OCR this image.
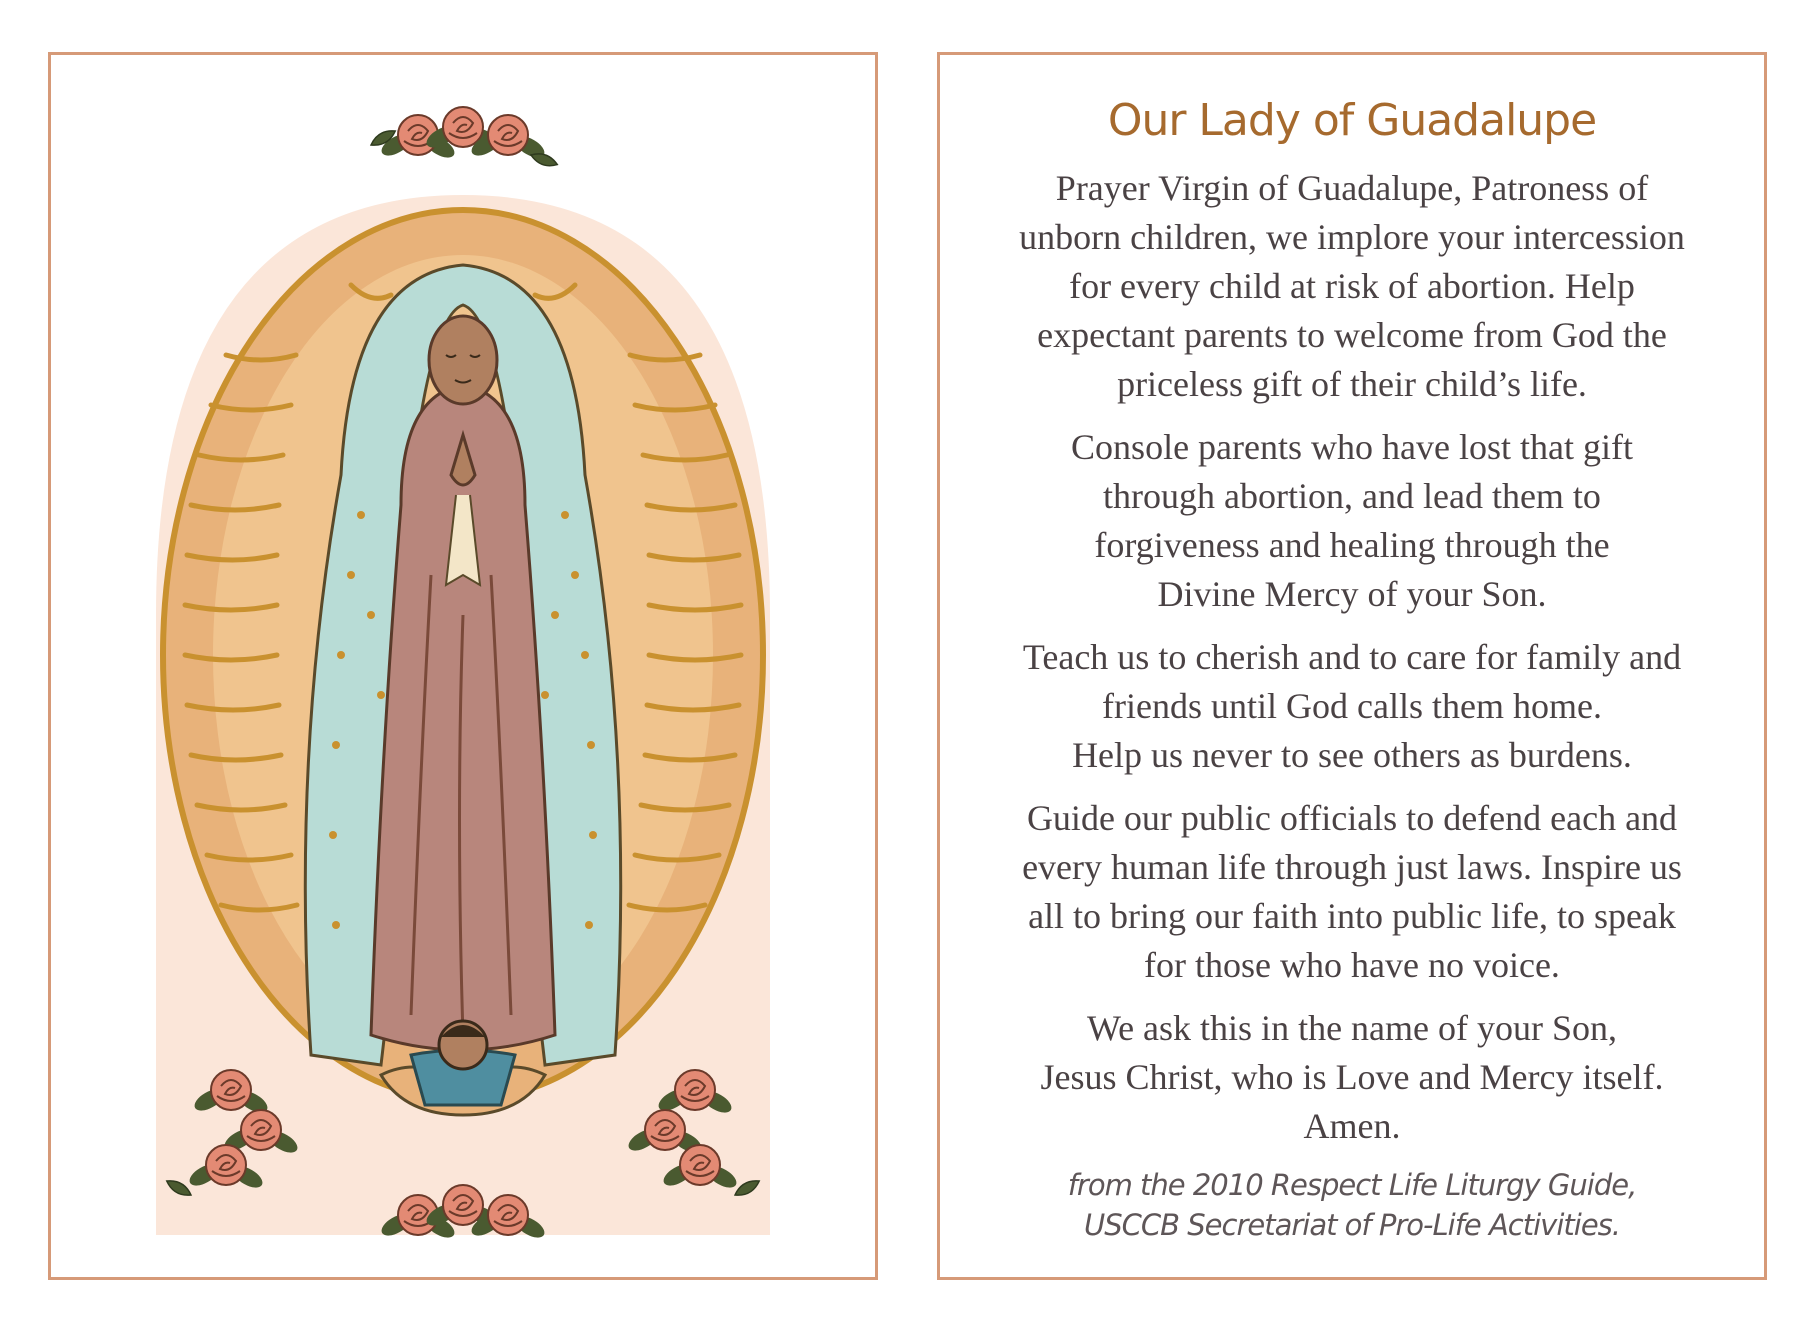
Our Lady of Guadalupe

Prayer Virgin of Guadalupe, Patroness of
unborn children, we implore your intercession
for every child at risk of abortion. Help
expectant parents to welcome from God the
priceless gift of their child’s life.

Console parents who have lost that gift
through abortion, and lead them to
forgiveness and healing through the
Divine Mercy of your Son.

Teach us to cherish and to care for family and
friends until God calls them home.
Help us never to see others as burdens.

Guide our public officials to defend each and
every human life through just laws. Inspire us
all to bring our faith into public life, to speak
for those who have no voice.

We ask this in the name of your Son,
Jesus Christ, who is Love and Mercy itself.
Amen.

from the 2010 Respect Life Liturgy Guide,
USCCB Secretariat of Pro-Life Activities.
